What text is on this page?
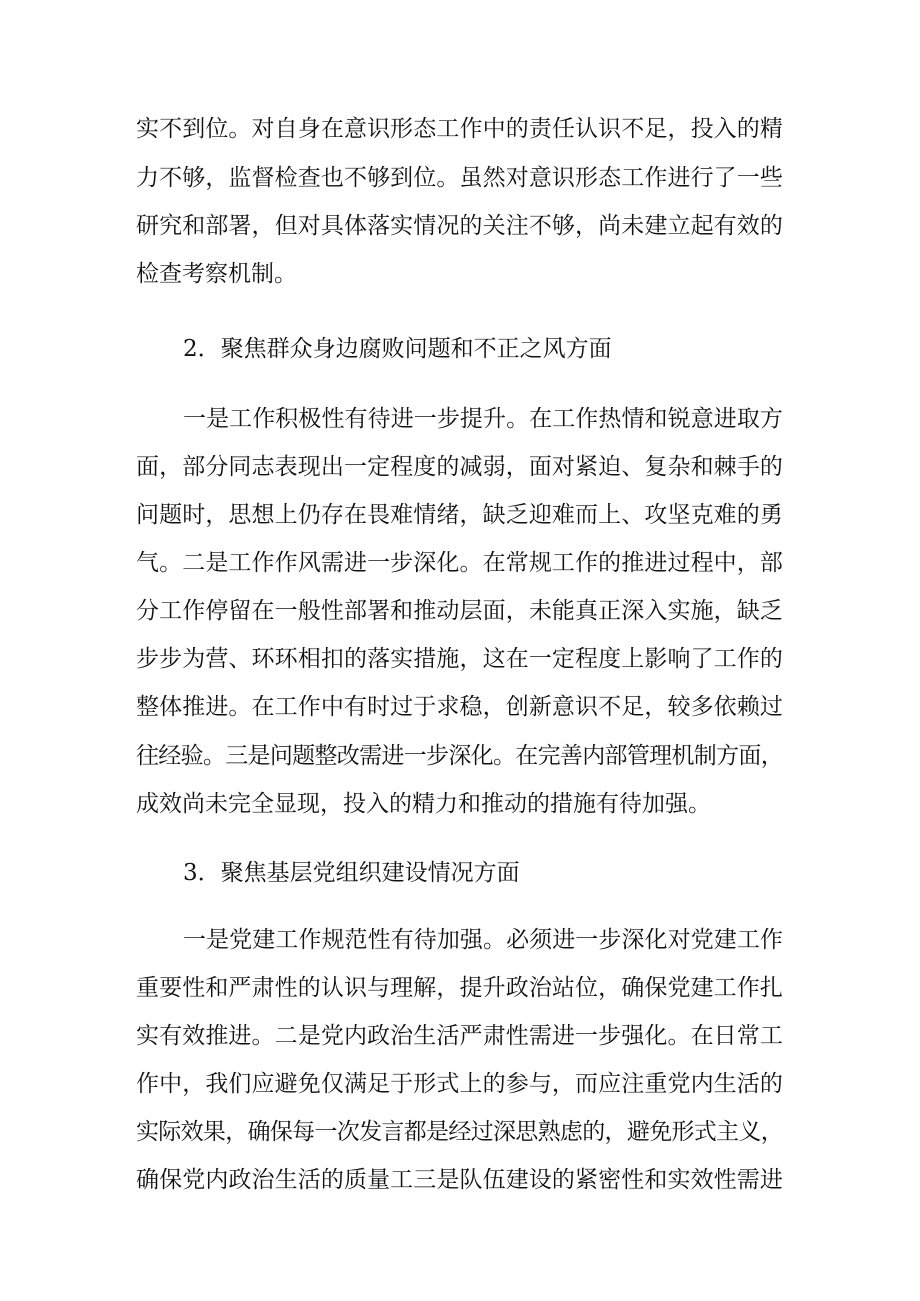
实不到位。对自身在意识形态工作中的责任认识不足，投入的精
力不够，监督检查也不够到位。虽然对意识形态工作进行了一些
研究和部署，但对具体落实情况的关注不够，尚未建立起有效的
检查考察机制。
2．聚焦群众身边腐败问题和不正之风方面
一是工作积极性有待进一步提升。在工作热情和锐意进取方
面，部分同志表现出一定程度的减弱，面对紧迫、复杂和棘手的
问题时，思想上仍存在畏难情绪，缺乏迎难而上、攻坚克难的勇
气。二是工作作风需进一步深化。在常规工作的推进过程中，部
分工作停留在一般性部署和推动层面，未能真正深入实施，缺乏
步步为营、环环相扣的落实措施，这在一定程度上影响了工作的
整体推进。在工作中有时过于求稳，创新意识不足，较多依赖过
往经验。三是问题整改需进一步深化。在完善内部管理机制方面，
成效尚未完全显现，投入的精力和推动的措施有待加强。
3．聚焦基层党组织建设情况方面
一是党建工作规范性有待加强。必须进一步深化对党建工作
重要性和严肃性的认识与理解，提升政治站位，确保党建工作扎
实有效推进。二是党内政治生活严肃性需进一步强化。在日常工
作中，我们应避免仅满足于形式上的参与，而应注重党内生活的
实际效果，确保每一次发言都是经过深思熟虑的，避免形式主义，
确保党内政治生活的质量工三是队伍建设的紧密性和实效性需进
